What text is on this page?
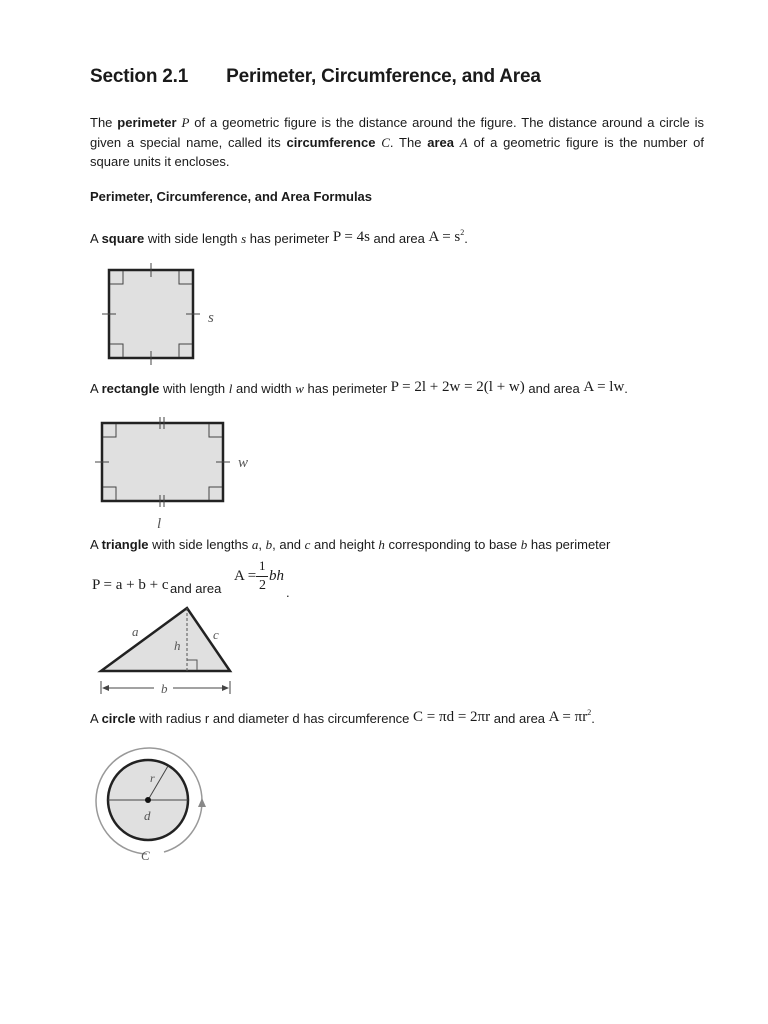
Section 2.1 Perimeter, Circumference, and Area
The perimeter P of a geometric figure is the distance around the figure. The distance around a circle is given a special name, called its circumference C. The area A of a geometric figure is the number of square units it encloses.
Perimeter, Circumference, and Area Formulas
A square with side length s has perimeter P = 4s and area $A = s^2$.
s
A rectangle with length l and width w has perimeter P = 2l + 2w = 2(l + w) and area A = lw.
w
l
A triangle with side lengths a, b, and c and height h corresponding to base b has perimeter
P = a + b + c and area
A =
1
2
bh
.
a	c
h
b
A circle with radius r and diameter d has circumference C = πd = 2πr and area $A = \pi r^2$.
r
d
C
